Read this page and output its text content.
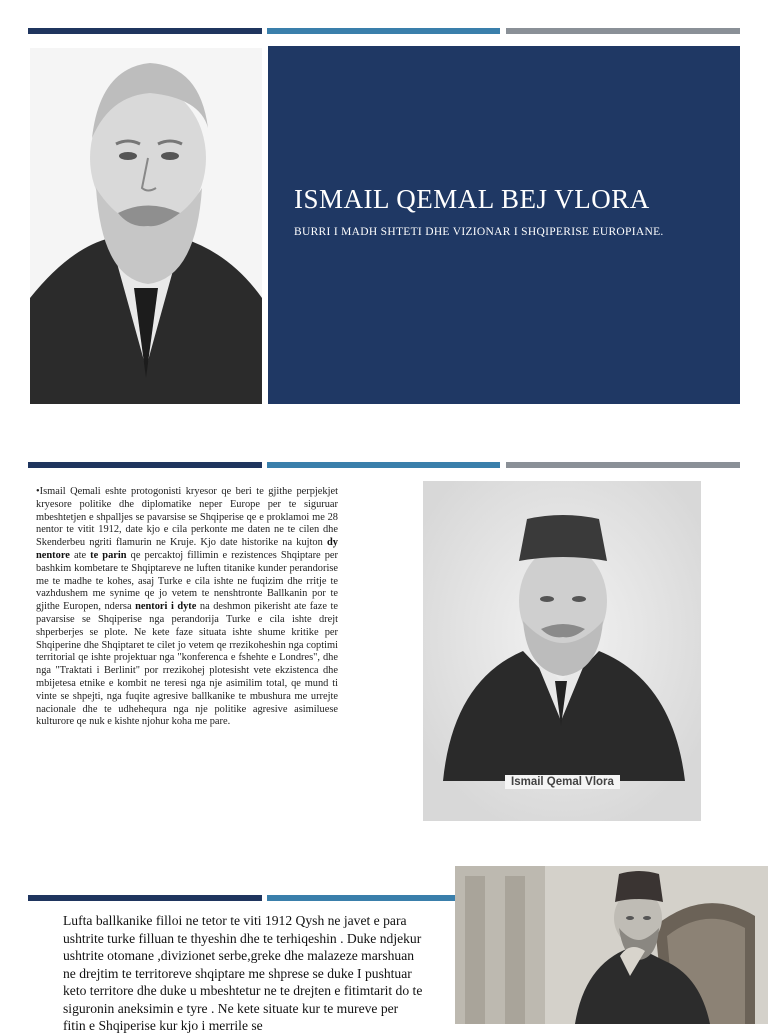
ISMAIL QEMAL BEJ VLORA
BURRI I MADH SHTETI DHE VIZIONAR I SHQIPERISE EUROPIANE.

•Ismail Qemali eshte protogonisti kryesor qe beri te gjithe perpjekjet kryesore politike dhe diplomatike neper Europe per te siguruar mbeshtetjen e shpalljes se pavarsise se Shqiperise qe e proklamoi me 28 nentor te vitit 1912, date kjo e cila perkonte me daten ne te cilen dhe Skenderbeu ngriti flamurin ne Kruje. Kjo date historike na kujton dy nentore ate te parin qe percaktoj fillimin e rezistences Shqiptare per bashkim kombetare te Shqiptareve ne luften titanike kunder perandorise me te madhe te kohes, asaj Turke e cila ishte ne fuqizim dhe rritje te vazhdushem me synime qe jo vetem te nenshtronte Ballkanin por te gjithe Europen, ndersa nentori i dyte na deshmon pikerisht ate faze te pavarsise se Shqiperise nga perandorija Turke e cila ishte drejt shperberjes se plote. Ne kete faze situata ishte shume kritike per Shqiperine dhe Shqiptaret te cilet jo vetem qe rrezikoheshin nga coptimi territorial qe ishte projektuar nga "konferenca e fshehte e Londres", dhe nga "Traktati i Berlinit" por rrezikohej plotesisht vete ekzistenca dhe mbijetesa etnike e kombit ne teresi nga nje asimilim total, qe mund ti vinte se shpejti, nga fuqite agresive ballkanike te mbushura me urrejte nacionale dhe te udhehequra nga nje politike agresive asimiluese kulturore qe nuk e kishte njohur koha me pare.

Ismail Qemal Vlora

Lufta ballkanike filloi ne tetor te viti 1912 Qysh ne javet e para ushtrite turke filluan te thyeshin dhe te terhiqeshin . Duke ndjekur ushtrite otomane ,divizionet serbe,greke dhe malazeze marshuan ne drejtim te territoreve shqiptare me shprese se duke I pushtuar keto territore dhe duke u mbeshtetur ne te drejten e fitimtarit do te siguronin aneksimin e tyre . Ne kete situate kur te mureve per fitin e Shqiperise kur kjo i merrile se
